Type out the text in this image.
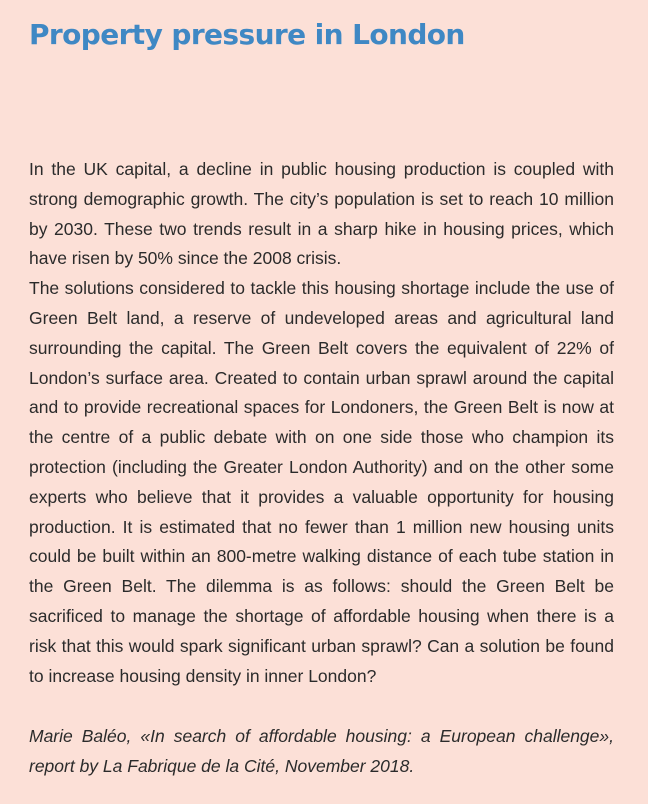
Property pressure in London

In the UK capital, a decline in public housing production is coupled with strong demographic growth. The city’s population is set to reach 10 million by 2030. These two trends result in a sharp hike in housing prices, which have risen by 50% since the 2008 crisis.

The solutions considered to tackle this housing shortage include the use of Green Belt land, a reserve of undeveloped areas and agricultural land surrounding the capital. The Green Belt covers the equivalent of 22% of London’s surface area. Created to contain urban sprawl around the capital and to provide recreational spaces for Londoners, the Green Belt is now at the centre of a public debate with on one side those who champion its protection (including the Greater London Authority) and on the other some experts who believe that it provides a valuable opportunity for housing production. It is estimated that no fewer than 1 million new housing units could be built within an 800-metre walking distance of each tube station in the Green Belt. The dilemma is as follows: should the Green Belt be sacrificed to manage the shortage of affordable housing when there is a risk that this would spark significant urban sprawl? Can a solution be found to increase housing density in inner London?

Marie Baléo, «In search of affordable housing: a European challenge», report by La Fabrique de la Cité, November 2018.
